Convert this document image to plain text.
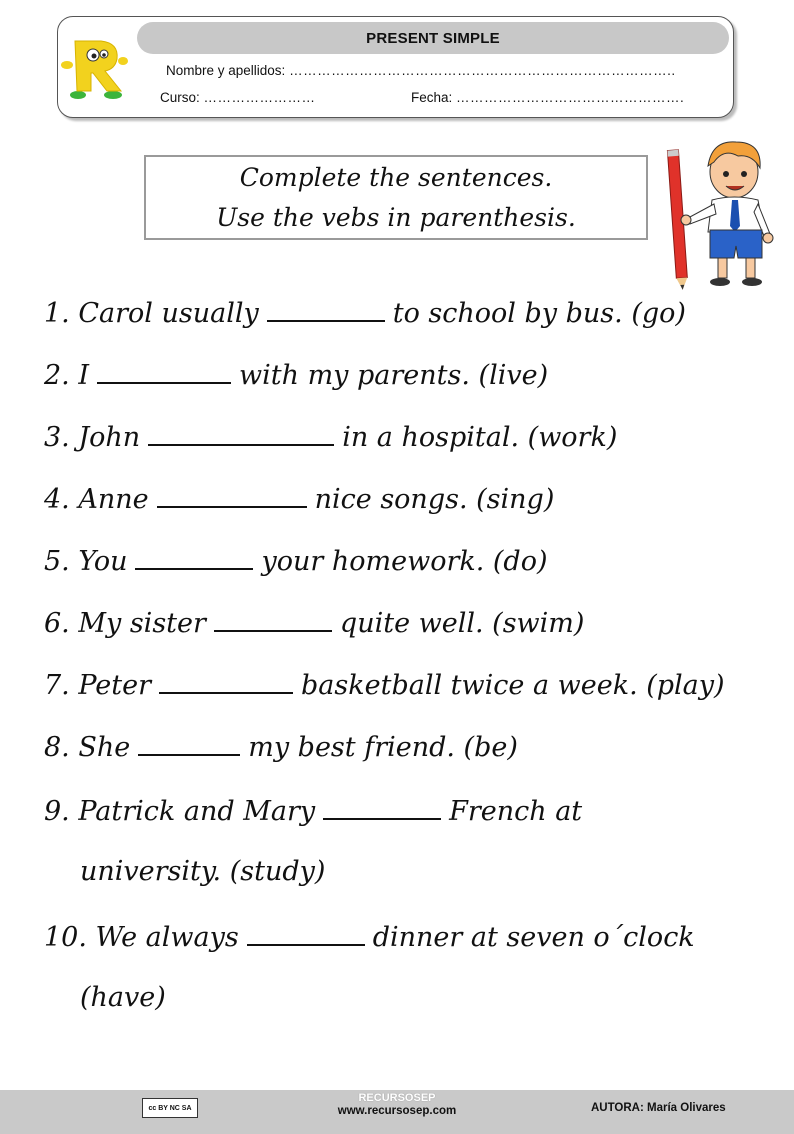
PRESENT SIMPLE
Nombre y apellidos: ………………………………………………………………………..
Curso: ……………………	Fecha: ………………………………………….
Complete the sentences.
Use the vebs in parenthesis.
1. Carol usually	to school by bus. (go)
2. I	with my parents. (live)
3. John	in a hospital. (work)
4. Anne	nice songs. (sing)
5. You	your homework. (do)
6. My sister	quite well. (swim)
7. Peter	basketball twice a week. (play)
8. She	my best friend. (be)
9. Patrick and Mary	French at
university. (study)
10. We always	dinner at seven o´clock
(have)
cc BY NC SA
RECURSOSEP
www.recursosep.com	AUTORA: María Olivares
